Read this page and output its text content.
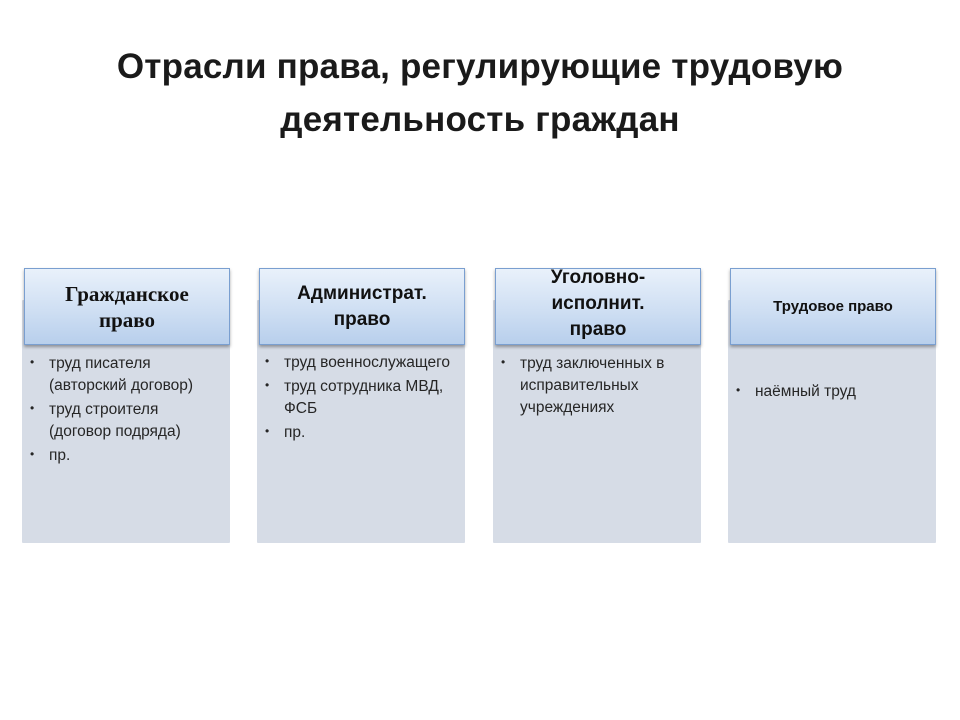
Отрасли права, регулирующие трудовую
деятельность граждан
Гражданское право
• труд писателя (авторский договор)
• труд строителя (договор подряда)
• пр.
Администрат. право
• труд военнослужащего
• труд сотрудника МВД, ФСБ
• пр.
Уголовно-исполнит. право
• труд заключенных в исправительных учреждениях
Трудовое право
• наёмный труд
